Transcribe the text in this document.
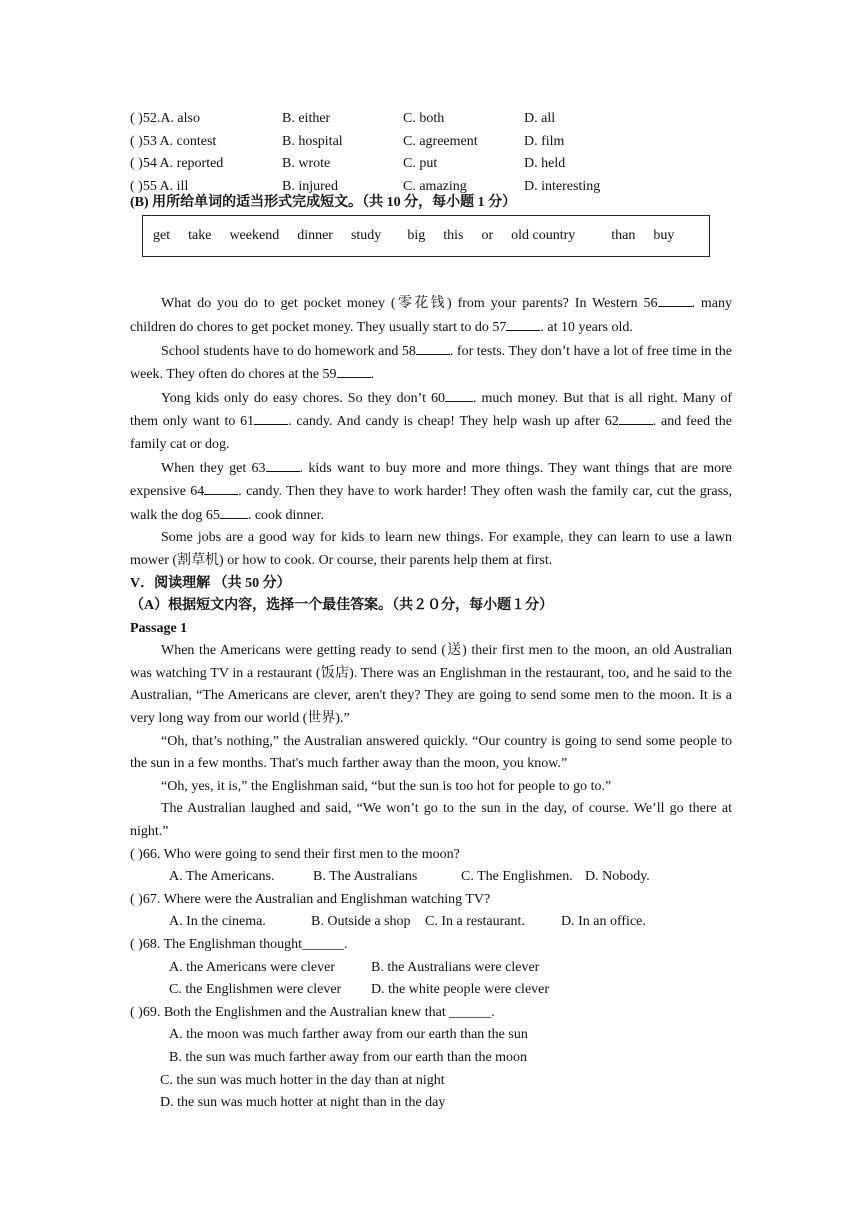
( )52.A. also	B. either	C. both	D. all
( )53 A. contest	B. hospital	C. agreement	D. film
( )54 A. reported	B. wrote	C. put	D. held
( )55 A. ill	B. injured	C. amazing	D. interesting
(B) 用所给单词的适当形式完成短文。（共 10 分，每小题 1 分）
get take weekend dinner study big this or old country	than buy
What do you do to get pocket money (零花钱) from your parents? In Western 56 . many children do chores to get pocket money. They usually start to do 57 . at 10 years old.
School students have to do homework and 58 . for tests. They don’t have a lot of free time in the week. They often do chores at the 59 .
Yong kids only do easy chores. So they don’t 60 . much money. But that is all right. Many of them only want to 61 . candy. And candy is cheap! They help wash up after 62 . and feed the family cat or dog.
When they get 63 . kids want to buy more and more things. They want things that are more expensive 64 . candy. Then they have to work harder! They often wash the family car, cut the grass, walk the dog 65 . cook dinner.
Some jobs are a good way for kids to learn new things. For example, they can learn to use a lawn mower (割草机) or how to cook. Or course, their parents help them at first.
V．阅读理解 （共 50 分）
（A）根据短文内容，选择一个最佳答案。（共２０分，每小题１分）
Passage 1
When the Americans were getting ready to send (送) their first men to the moon, an old Australian was watching TV in a restaurant (饭店). There was an Englishman in the restaurant, too, and he said to the Australian, “The Americans are clever, aren't they? They are going to send some men to the moon. It is a very long way from our world (世界).”
“Oh, that’s nothing,” the Australian answered quickly. “Our country is going to send some people to the sun in a few months. That's much farther away than the moon, you know.”
“Oh, yes, it is,” the Englishman said, “but the sun is too hot for people to go to.”
The Australian laughed and said, “We won’t go to the sun in the day, of course. We’ll go there at night.”
( )66. Who were going to send their first men to the moon?
A. The Americans.	B. The Australians	C. The Englishmen. D. Nobody.
( )67. Where were the Australian and Englishman watching TV?
A. In the cinema.	B. Outside a shop C. In a restaurant.	D. In an office.
( )68. The Englishman thought______.
A. the Americans were clever	B. the Australians were clever
C. the Englishmen were clever D. the white people were clever
( )69. Both the Englishmen and the Australian knew that ______.
A. the moon was much farther away from our earth than the sun
B. the sun was much farther away from our earth than the moon
C. the sun was much hotter in the day than at night
D. the sun was much hotter at night than in the day
